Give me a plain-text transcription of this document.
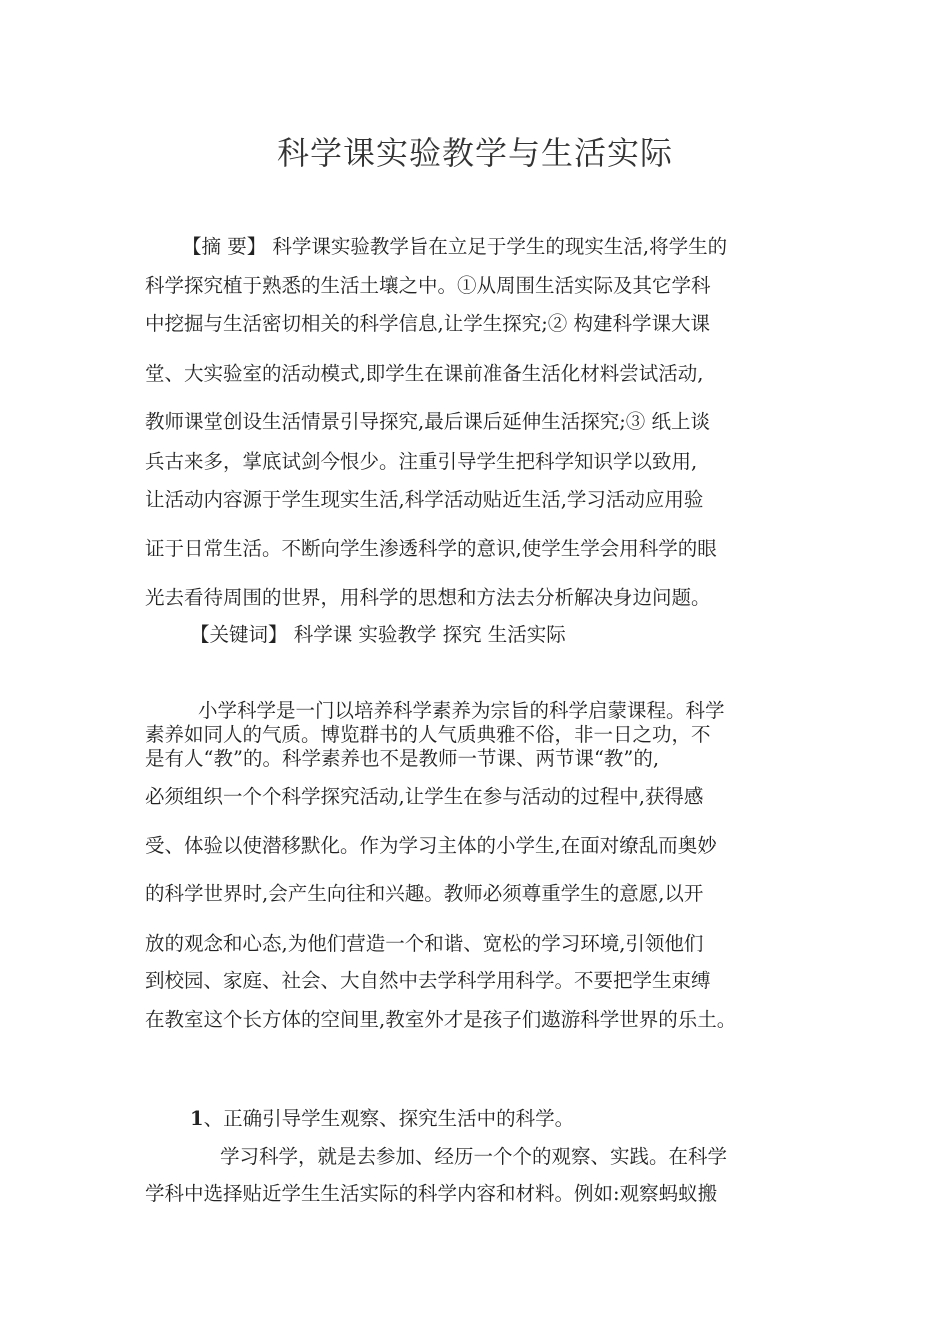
科学课实验教学与生活实际
【摘 要】 科学课实验教学旨在立足于学生的现实生活,将学生的
科学探究植于熟悉的生活土壤之中。①从周围生活实际及其它学科
中挖掘与生活密切相关的科学信息,让学生探究;② 构建科学课大课
堂、大实验室的活动模式,即学生在课前准备生活化材料尝试活动,
教师课堂创设生活情景引导探究,最后课后延伸生活探究;③ 纸上谈
兵古来多，掌底试剑今恨少。注重引导学生把科学知识学以致用,
让活动内容源于学生现实生活,科学活动贴近生活,学习活动应用验
证于日常生活。不断向学生渗透科学的意识,使学生学会用科学的眼
光去看待周围的世界，用科学的思想和方法去分析解决身边问题。
【关键词】 科学课 实验教学 探究 生活实际
小学科学是一门以培养科学素养为宗旨的科学启蒙课程。科学
素养如同人的气质。博览群书的人气质典雅不俗，非一日之功，不
是有人“教”的。科学素养也不是教师一节课、两节课“教”的,
必须组织一个个科学探究活动,让学生在参与活动的过程中,获得感
受、体验以使潜移默化。作为学习主体的小学生,在面对缭乱而奥妙
的科学世界时,会产生向往和兴趣。教师必须尊重学生的意愿,以开
放的观念和心态,为他们营造一个和谐、宽松的学习环境,引领他们
到校园、家庭、社会、大自然中去学科学用科学。不要把学生束缚
在教室这个长方体的空间里,教室外才是孩子们遨游科学世界的乐土。
1、正确引导学生观察、探究生活中的科学。
学习科学，就是去参加、经历一个个的观察、实践。在科学
学科中选择贴近学生生活实际的科学内容和材料。例如:观察蚂蚁搬
